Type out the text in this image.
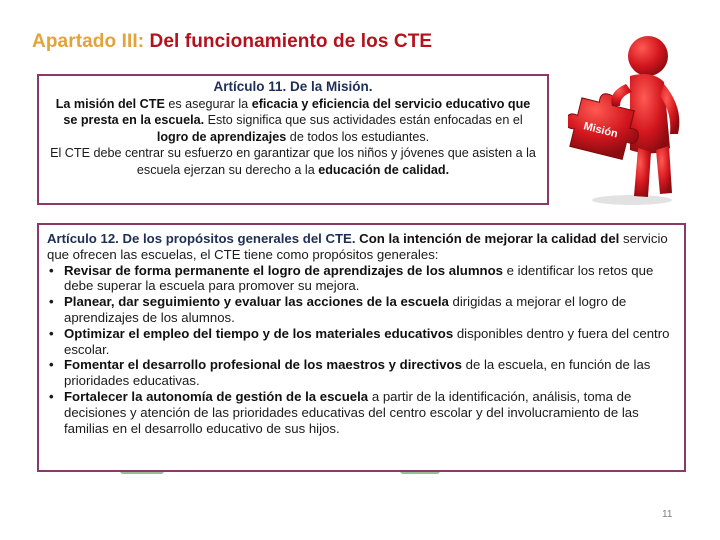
Apartado III: Del funcionamiento de los CTE
Artículo 11. De la Misión.

La misión del CTE es asegurar la eficacia y eficiencia del servicio educativo que se presta en la escuela. Esto significa que sus actividades están enfocadas en el logro de aprendizajes de todos los estudiantes.

El CTE debe centrar su esfuerzo en garantizar que los niños y jóvenes que asisten a la escuela ejerzan su derecho a la educación de calidad.

Misión

Artículo 12. De los propósitos generales del CTE. Con la intención de mejorar la calidad del servicio que ofrecen las escuelas, el CTE tiene como propósitos generales:

• Revisar de forma permanente el logro de aprendizajes de los alumnos e identificar los retos que debe superar la escuela para promover su mejora.
• Planear, dar seguimiento y evaluar las acciones de la escuela dirigidas a mejorar el logro de aprendizajes de los alumnos.
• Optimizar el empleo del tiempo y de los materiales educativos disponibles dentro y fuera del centro escolar.
• Fomentar el desarrollo profesional de los maestros y directivos de la escuela, en función de las prioridades educativas.
• Fortalecer la autonomía de gestión de la escuela a partir de la identificación, análisis, toma de decisiones y atención de las prioridades educativas del centro escolar y del involucramiento de las familias en el desarrollo educativo de sus hijos.
11
